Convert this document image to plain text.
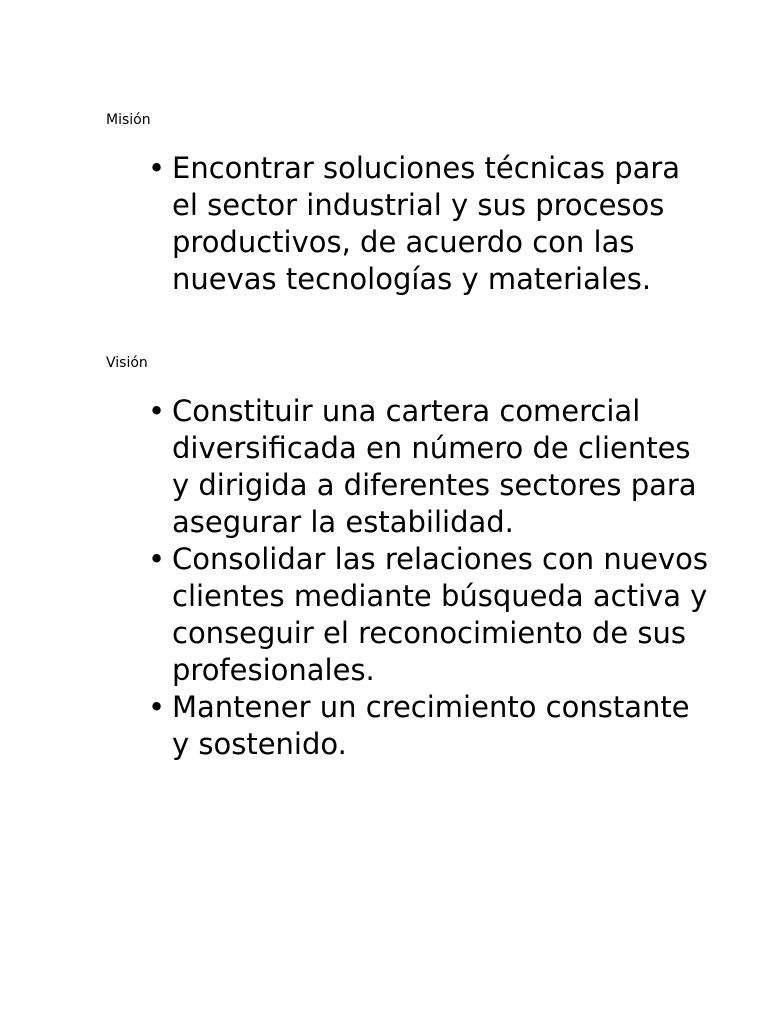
Misión

• Encontrar soluciones técnicas para el sector industrial y sus procesos productivos, de acuerdo con las nuevas tecnologías y materiales.

Visión

• Constituir una cartera comercial diversificada en número de clientes y dirigida a diferentes sectores para asegurar la estabilidad.
• Consolidar las relaciones con nuevos clientes mediante búsqueda activa y conseguir el reconocimiento de sus profesionales.
• Mantener un crecimiento constante y sostenido.
